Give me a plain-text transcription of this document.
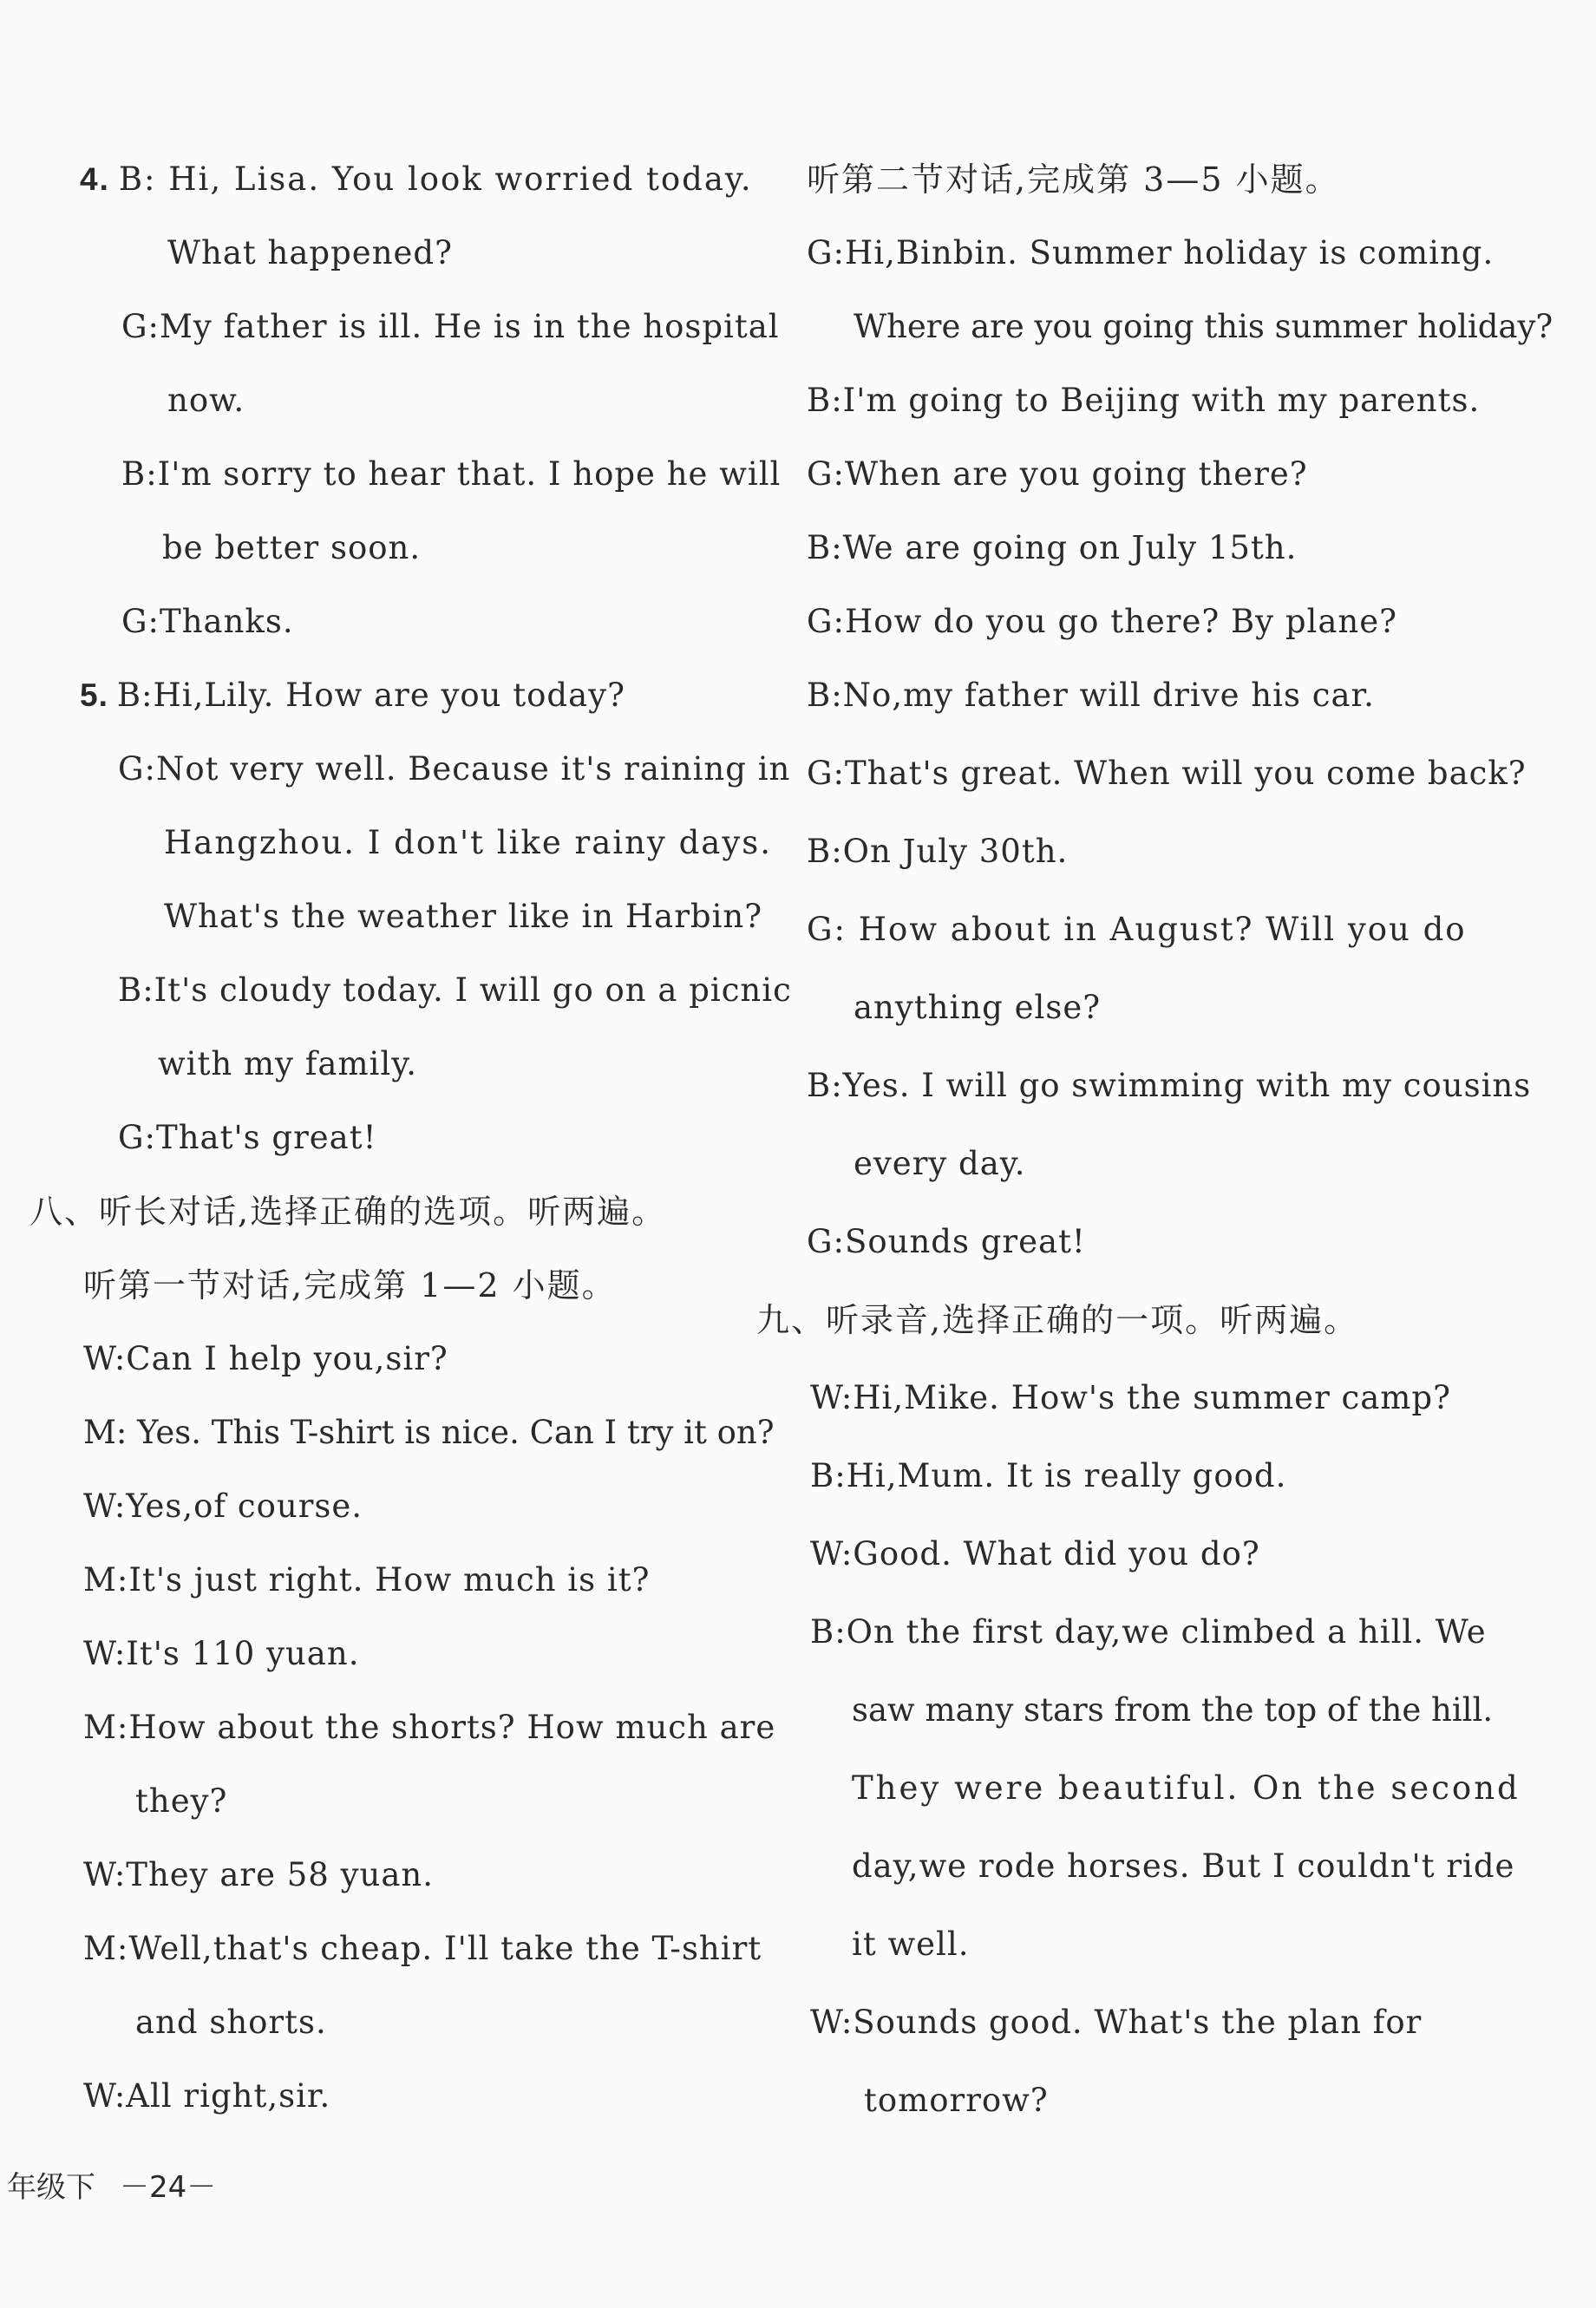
4. B: Hi, Lisa. You look worried today.
What happened?
G:My father is ill. He is in the hospital
now.
B:I'm sorry to hear that. I hope he will
be better soon.
G:Thanks.
5. B:Hi,Lily. How are you today?
G:Not very well. Because it's raining in
Hangzhou. I don't like rainy days.
What's the weather like in Harbin?
B:It's cloudy today. I will go on a picnic
with my family.
G:That's great!
八、听长对话,选择正确的选项。听两遍。
听第一节对话,完成第 1—2 小题。
W:Can I help you,sir?
M: Yes. This T-shirt is nice. Can I try it on?
W:Yes,of course.
M:It's just right. How much is it?
W:It's 110 yuan.
M:How about the shorts? How much are
they?
W:They are 58 yuan.
M:Well,that's cheap. I'll take the T-shirt
and shorts.
W:All right,sir.
听第二节对话,完成第 3—5 小题。
G:Hi,Binbin. Summer holiday is coming.
Where are you going this summer holiday?
B:I'm going to Beijing with my parents.
G:When are you going there?
B:We are going on July 15th.
G:How do you go there? By plane?
B:No,my father will drive his car.
G:That's great. When will you come back?
B:On July 30th.
G: How about in August? Will you do
anything else?
B:Yes. I will go swimming with my cousins
every day.
G:Sounds great!
九、听录音,选择正确的一项。听两遍。
W:Hi,Mike. How's the summer camp?
B:Hi,Mum. It is really good.
W:Good. What did you do?
B:On the first day,we climbed a hill. We
saw many stars from the top of the hill.
They were beautiful. On the second
day,we rode horses. But I couldn't ride
it well.
W:Sounds good. What's the plan for
tomorrow?
年级下 －24－
